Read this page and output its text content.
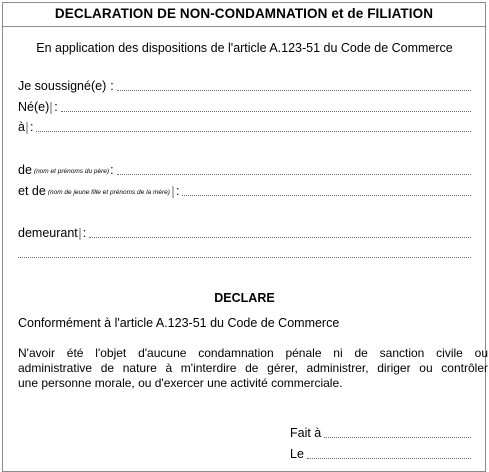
DECLARATION DE NON-CONDAMNATION et de FILIATION
En application des dispositions de l'article A.123-51 du Code de Commerce
Je soussigné(e) :
Né(e) :
à :
de (nom et prénoms du père) :
et de (nom de jeune fille et prénoms de la mère) :
demeurant :
DECLARE
Conformément à l'article A.123-51 du Code de Commerce
N'avoir été l'objet d'aucune condamnation pénale ni de sanction civile ou
administrative de nature à m'interdire de gérer, administrer, diriger ou contrôler
une personne morale, ou d'exercer une activité commerciale.
Fait à
Le
